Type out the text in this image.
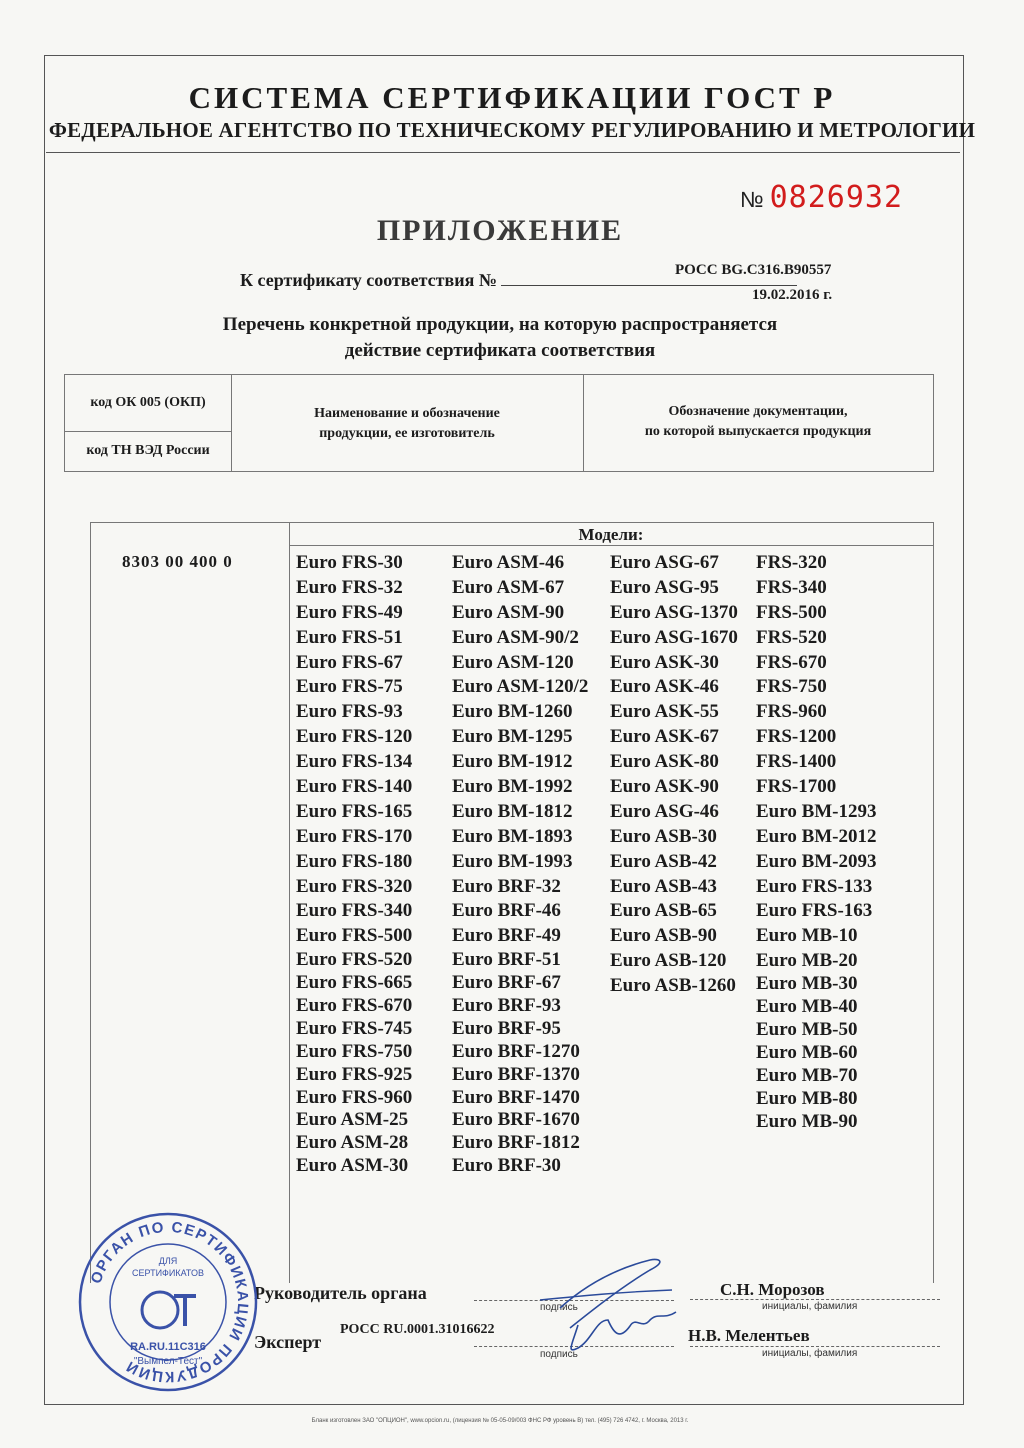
СИСТЕМА СЕРТИФИКАЦИИ ГОСТ Р
ФЕДЕРАЛЬНОЕ АГЕНТСТВО ПО ТЕХНИЧЕСКОМУ РЕГУЛИРОВАНИЮ И МЕТРОЛОГИИ
№ 0826932
ПРИЛОЖЕНИЕ
К сертификату соответствия №	РОСС BG.C316.B90557
19.02.2016 г.
Перечень конкретной продукции, на которую распространяется
действие сертификата соответствия
код ОК 005 (ОКП)
код ТН ВЭД России
Наименование и обозначение
продукции, ее изготовитель
Обозначение документации,
по которой выпускается продукция
Модели:
8303 00 400 0	Euro FRS-30
Euro FRS-32
Euro FRS-49
Euro FRS-51
Euro FRS-67
Euro FRS-75
Euro FRS-93
Euro FRS-120
Euro FRS-134
Euro FRS-140
Euro FRS-165
Euro FRS-170
Euro FRS-180
Euro FRS-320
Euro FRS-340
Euro FRS-500
Euro FRS-520
Euro FRS-665
Euro FRS-670
Euro FRS-745
Euro FRS-750
Euro FRS-925
Euro FRS-960
Euro ASM-25
Euro ASM-28
Euro ASM-30
Euro ASM-46
Euro ASM-67
Euro ASM-90
Euro ASM-90/2
Euro ASM-120
Euro ASM-120/2
Euro BM-1260
Euro BM-1295
Euro BM-1912
Euro BM-1992
Euro BM-1812
Euro BM-1893
Euro BM-1993
Euro BRF-32
Euro BRF-46
Euro BRF-49
Euro BRF-51
Euro BRF-67
Euro BRF-93
Euro BRF-95
Euro BRF-1270
Euro BRF-1370
Euro BRF-1470
Euro BRF-1670
Euro BRF-1812
Euro BRF-30
Euro ASG-67
Euro ASG-95
Euro ASG-1370
Euro ASG-1670
Euro ASK-30
Euro ASK-46
Euro ASK-55
Euro ASK-67
Euro ASK-80
Euro ASK-90
Euro ASG-46
Euro ASB-30
Euro ASB-42
Euro ASB-43
Euro ASB-65
Euro ASB-90
Euro ASB-120
Euro ASB-1260
FRS-320
FRS-340
FRS-500
FRS-520
FRS-670
FRS-750
FRS-960
FRS-1200
FRS-1400
FRS-1700
Euro BM-1293
Euro BM-2012
Euro BM-2093
Euro FRS-133
Euro FRS-163
Euro MB-10
Euro MB-20
Euro MB-30
Euro MB-40
Euro MB-50
Euro MB-60
Euro MB-70
Euro MB-80
Euro MB-90
Руководитель органа
подпись
С.Н. Морозов
инициалы, фамилия
Эксперт
РОСС RU.0001.31016622
подпись
Н.В. Мелентьев
инициалы, фамилия
ОРГАН ПО СЕРТИФИКАЦИИ ПРОДУКЦИИ
ДЛЯ
СЕРТИФИКАТОВ
RA.RU.11C316
"Вымпел-Тест"
Бланк изготовлен ЗАО "ОПЦИОН", www.opcion.ru, (лицензия № 05-05-09/003 ФНС РФ уровень В) тел. (495) 726 4742, г. Москва, 2013 г.
